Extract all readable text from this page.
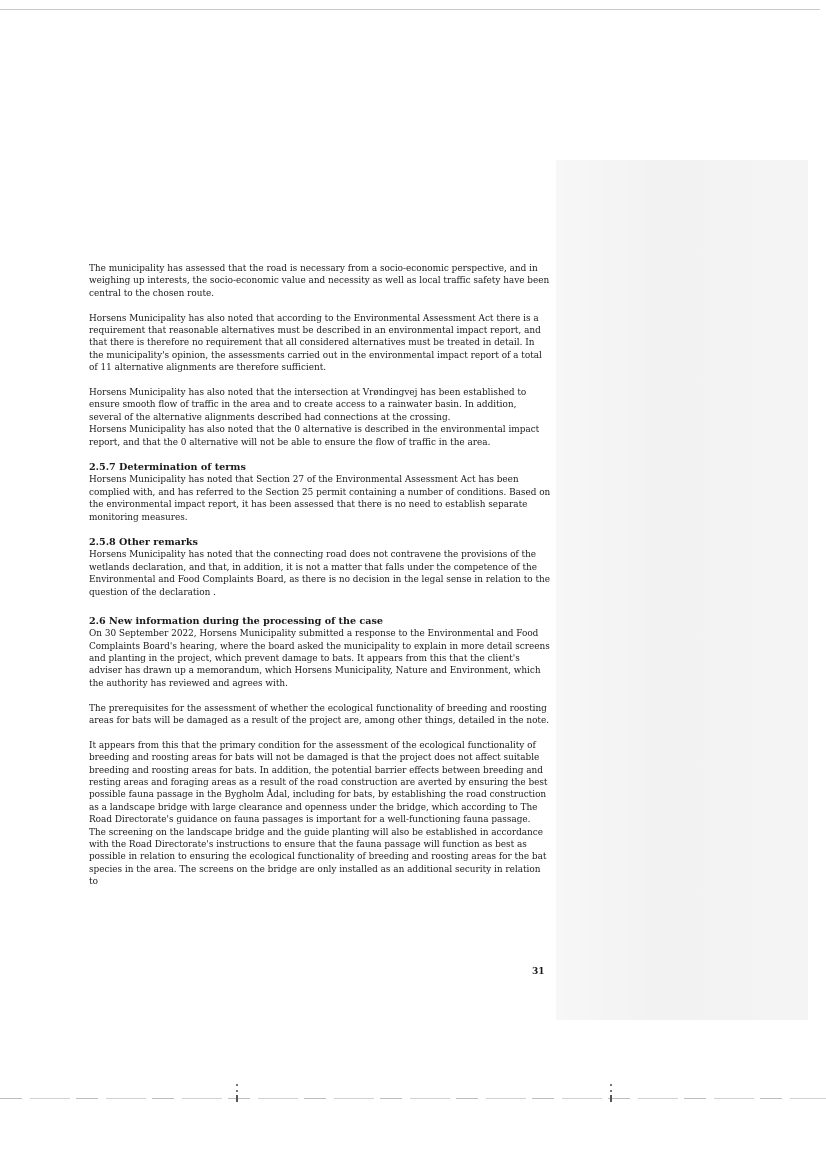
The municipality has assessed that the road is necessary from a socio-economic perspective, and in weighing up interests, the socio-economic value and necessity as well as local traffic safety have been central to the chosen route.

Horsens Municipality has also noted that according to the Environmental Assessment Act there is a requirement that reasonable alternatives must be described in an environmental impact report, and that there is therefore no requirement that all considered alternatives must be treated in detail. In the municipality's opinion, the assessments carried out in the environmental impact report of a total of 11 alternative alignments are therefore sufficient.

Horsens Municipality has also noted that the intersection at Vrøndingvej has been established to ensure smooth flow of traffic in the area and to create access to a rainwater basin. In addition, several of the alternative alignments described had connections at the crossing.

Horsens Municipality has also noted that the 0 alternative is described in the environmental impact report, and that the 0 alternative will not be able to ensure the flow of traffic in the area.

2.5.7 Determination of terms

Horsens Municipality has noted that Section 27 of the Environmental Assessment Act has been complied with, and has referred to the Section 25 permit containing a number of conditions. Based on the environmental impact report, it has been assessed that there is no need to establish separate monitoring measures.

2.5.8 Other remarks

Horsens Municipality has noted that the connecting road does not contravene the provisions of the wetlands declaration, and that, in addition, it is not a matter that falls under the competence of the Environmental and Food Complaints Board, as there is no decision in the legal sense in relation to the question of the declaration .

2.6 New information during the processing of the case

On 30 September 2022, Horsens Municipality submitted a response to the Environmental and Food Complaints Board's hearing, where the board asked the municipality to explain in more detail screens and planting in the project, which prevent damage to bats. It appears from this that the client's adviser has drawn up a memorandum, which Horsens Municipality, Nature and Environment, which the authority has reviewed and agrees with.

The prerequisites for the assessment of whether the ecological functionality of breeding and roosting areas for bats will be damaged as a result of the project are, among other things, detailed in the note.

It appears from this that the primary condition for the assessment of the ecological functionality of breeding and roosting areas for bats will not be damaged is that the project does not affect suitable breeding and roosting areas for bats. In addition, the potential barrier effects between breeding and resting areas and foraging areas as a result of the road construction are averted by ensuring the best possible fauna passage in the Bygholm Ådal, including for bats, by establishing the road construction as a landscape bridge with large clearance and openness under the bridge, which according to The Road Directorate's guidance on fauna passages is important for a well-functioning fauna passage.

The screening on the landscape bridge and the guide planting will also be established in accordance with the Road Directorate's instructions to ensure that the fauna passage will function as best as possible in relation to ensuring the ecological functionality of breeding and roosting areas for the bat species in the area. The screens on the bridge are only installed as an additional security in relation to

31
